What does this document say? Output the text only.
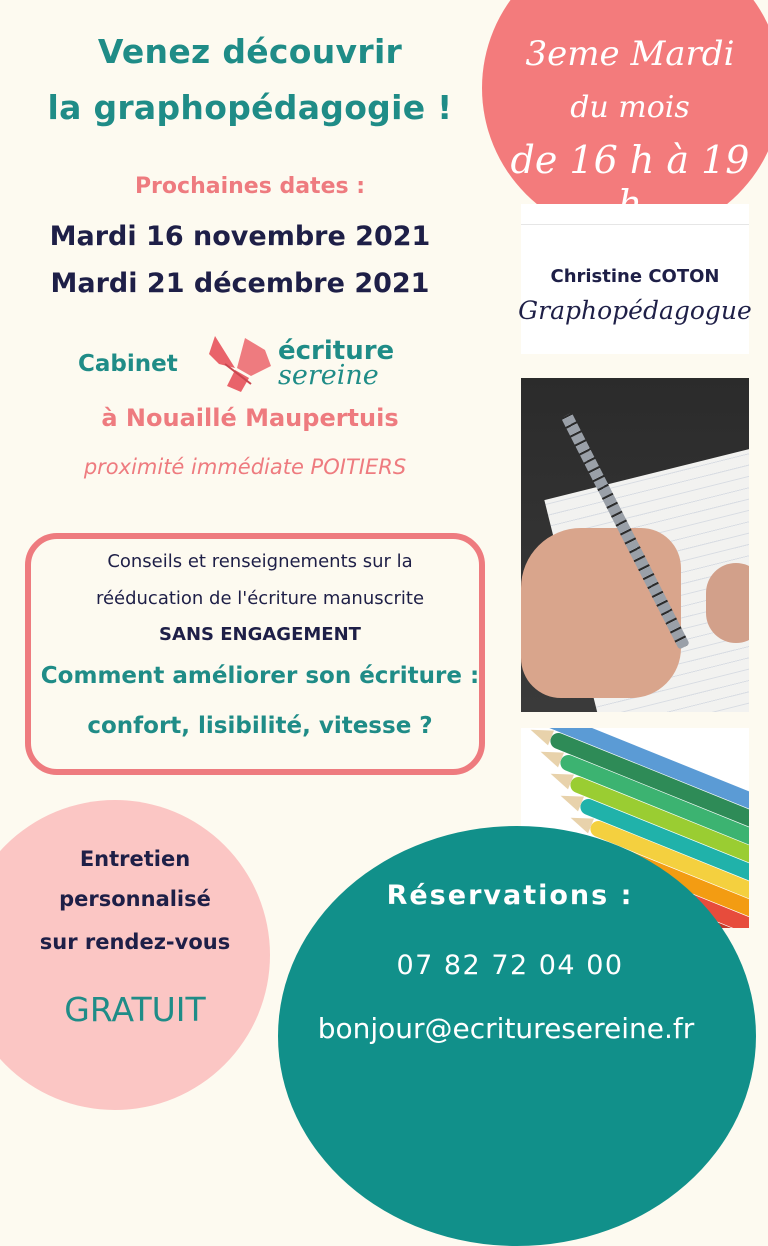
3eme Mardi
du mois
de 16 h à 19
Venez découvrir
la graphopédagogie !
Prochaines dates :
Mardi 16 novembre 2021
Mardi 21 décembre 2021
Cabinet	écriture
sereine
à Nouaillé Maupertuis
proximité immédiate POITIERS
Conseils et renseignements sur la
rééducation de l'écriture manuscrite
SANS ENGAGEMENT
Comment améliorer son écriture :
confort, lisibilité, vitesse ?
Christine COTON
Graphopédagogue
Entretien
personnalisé
sur rendez-vous
GRATUIT
Réservations :
07 82 72 04 00
bonjour@ecrituresereine.fr
